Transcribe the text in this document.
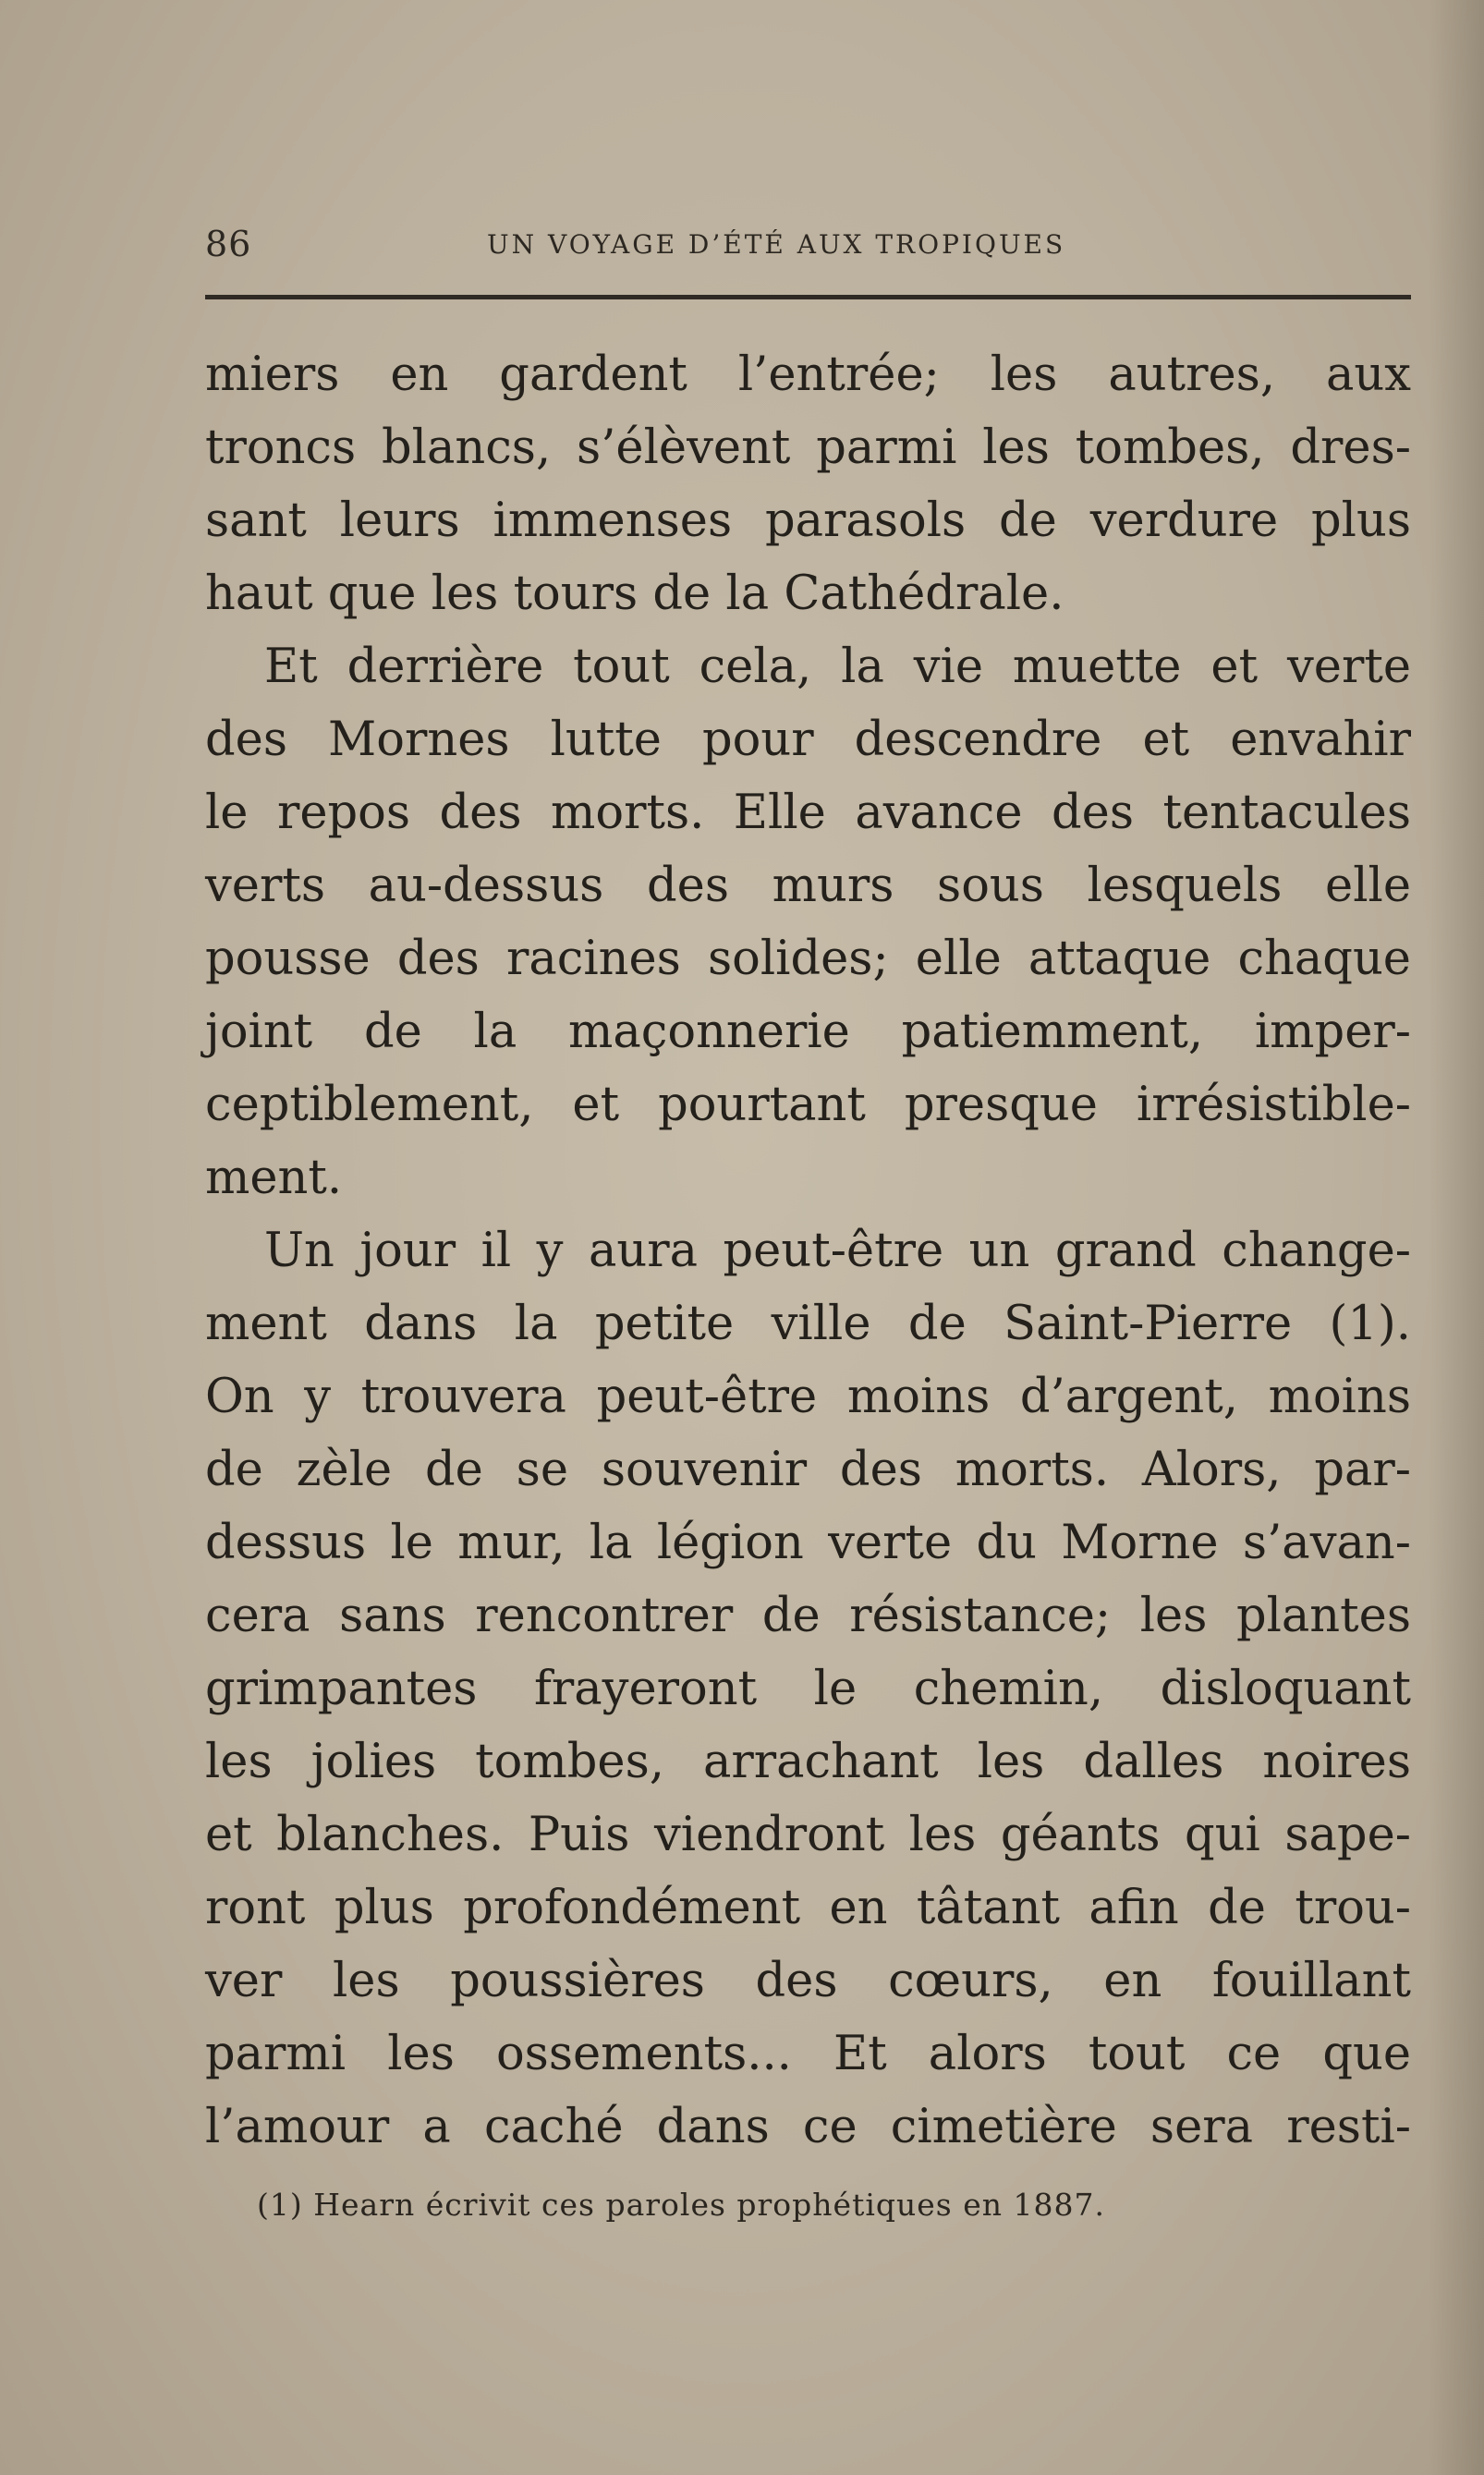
86	UN VOYAGE D’ÉTÉ AUX TROPIQUES
miers en gardent l’entrée; les autres, aux
troncs blancs, s’élèvent parmi les tombes, dres-
sant leurs immenses parasols de verdure plus
haut que les tours de la Cathédrale.
Et derrière tout cela, la vie muette et verte
des Mornes lutte pour descendre et envahir
le repos des morts. Elle avance des tentacules
verts au-dessus des murs sous lesquels elle
pousse des racines solides; elle attaque chaque
joint de la maçonnerie patiemment, imper-
ceptiblement, et pourtant presque irrésistible-
ment.
Un jour il y aura peut-être un grand change-
ment dans la petite ville de Saint-Pierre (1).
On y trouvera peut-être moins d’argent, moins
de zèle de se souvenir des morts. Alors, par-
dessus le mur, la légion verte du Morne s’avan-
cera sans rencontrer de résistance; les plantes
grimpantes frayeront le chemin, disloquant
les jolies tombes, arrachant les dalles noires
et blanches. Puis viendront les géants qui sape-
ront plus profondément en tâtant afin de trou-
ver les poussières des cœurs, en fouillant
parmi les ossements... Et alors tout ce que
l’amour a caché dans ce cimetière sera resti-
(1) Hearn écrivit ces paroles prophétiques en 1887.
